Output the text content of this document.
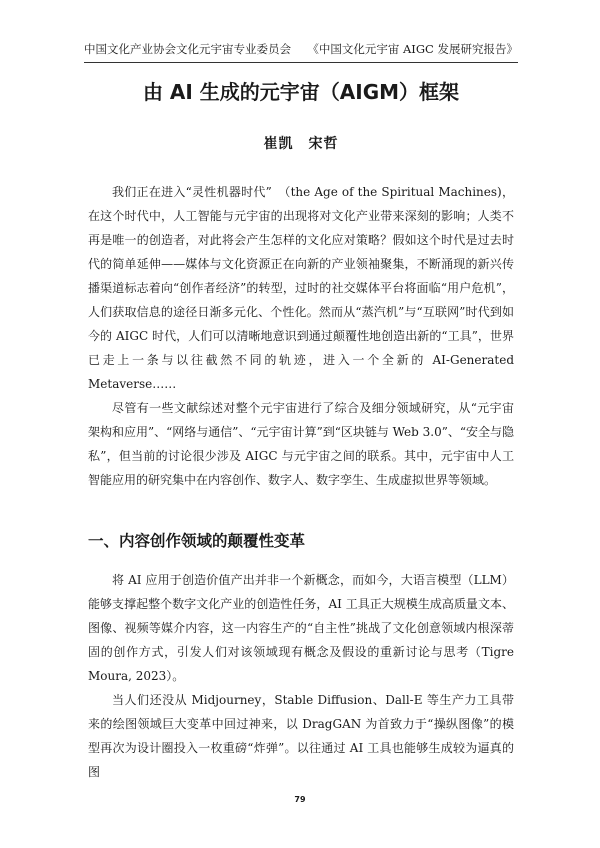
中国文化产业协会文化元宇宙专业委员会 《中国文化元宇宙 AIGC 发展研究报告》
由 AI 生成的元宇宙（AIGM）框架
崔凯　宋哲

我们正在进入“灵性机器时代”　（the Age of the Spiritual Machines)，在这个时代中，人工智能与元宇宙的出现将对文化产业带来深刻的影响；人类不再是唯一的创造者，对此将会产生怎样的文化应对策略？假如这个时代是过去时代的简单延伸——媒体与文化资源正在向新的产业领袖聚集，不断涌现的新兴传播渠道标志着向“创作者经济”的转型，过时的社交媒体平台将面临“用户危机”，人们获取信息的途径日渐多元化、个性化。然而从“蒸汽机”与“互联网”时代到如今的 AIGC 时代，人们可以清晰地意识到通过颠覆性地创造出新的“工具”，世界已走上一条与以往截然不同的轨迹，进入一个全新的 AI-Generated Metaverse……

尽管有一些文献综述对整个元宇宙进行了综合及细分领域研究，从“元宇宙架构和应用”、“网络与通信”、“元宇宙计算”到“区块链与 Web 3.0”、“安全与隐私”，但当前的讨论很少涉及 AIGC 与元宇宙之间的联系。其中，元宇宙中人工智能应用的研究集中在内容创作、数字人、数字孪生、生成虚拟世界等领域。

一、内容创作领域的颠覆性变革

将 AI 应用于创造价值产出并非一个新概念，而如今，大语言模型（LLM）能够支撑起整个数字文化产业的创造性任务，AI 工具正大规模生成高质量文本、图像、视频等媒介内容，这一内容生产的“自主性”挑战了文化创意领域内根深蒂固的创作方式，引发人们对该领域现有概念及假设的重新讨论与思考（Tigre Moura, 2023）。

当人们还没从 Midjourney，Stable Diffusion、Dall-E 等生产力工具带来的绘图领域巨大变革中回过神来，以 DragGAN 为首致力于“操纵图像”的模型再次为设计圈投入一枚重磅“炸弹”。以往通过 AI 工具也能够生成较为逼真的图

79
